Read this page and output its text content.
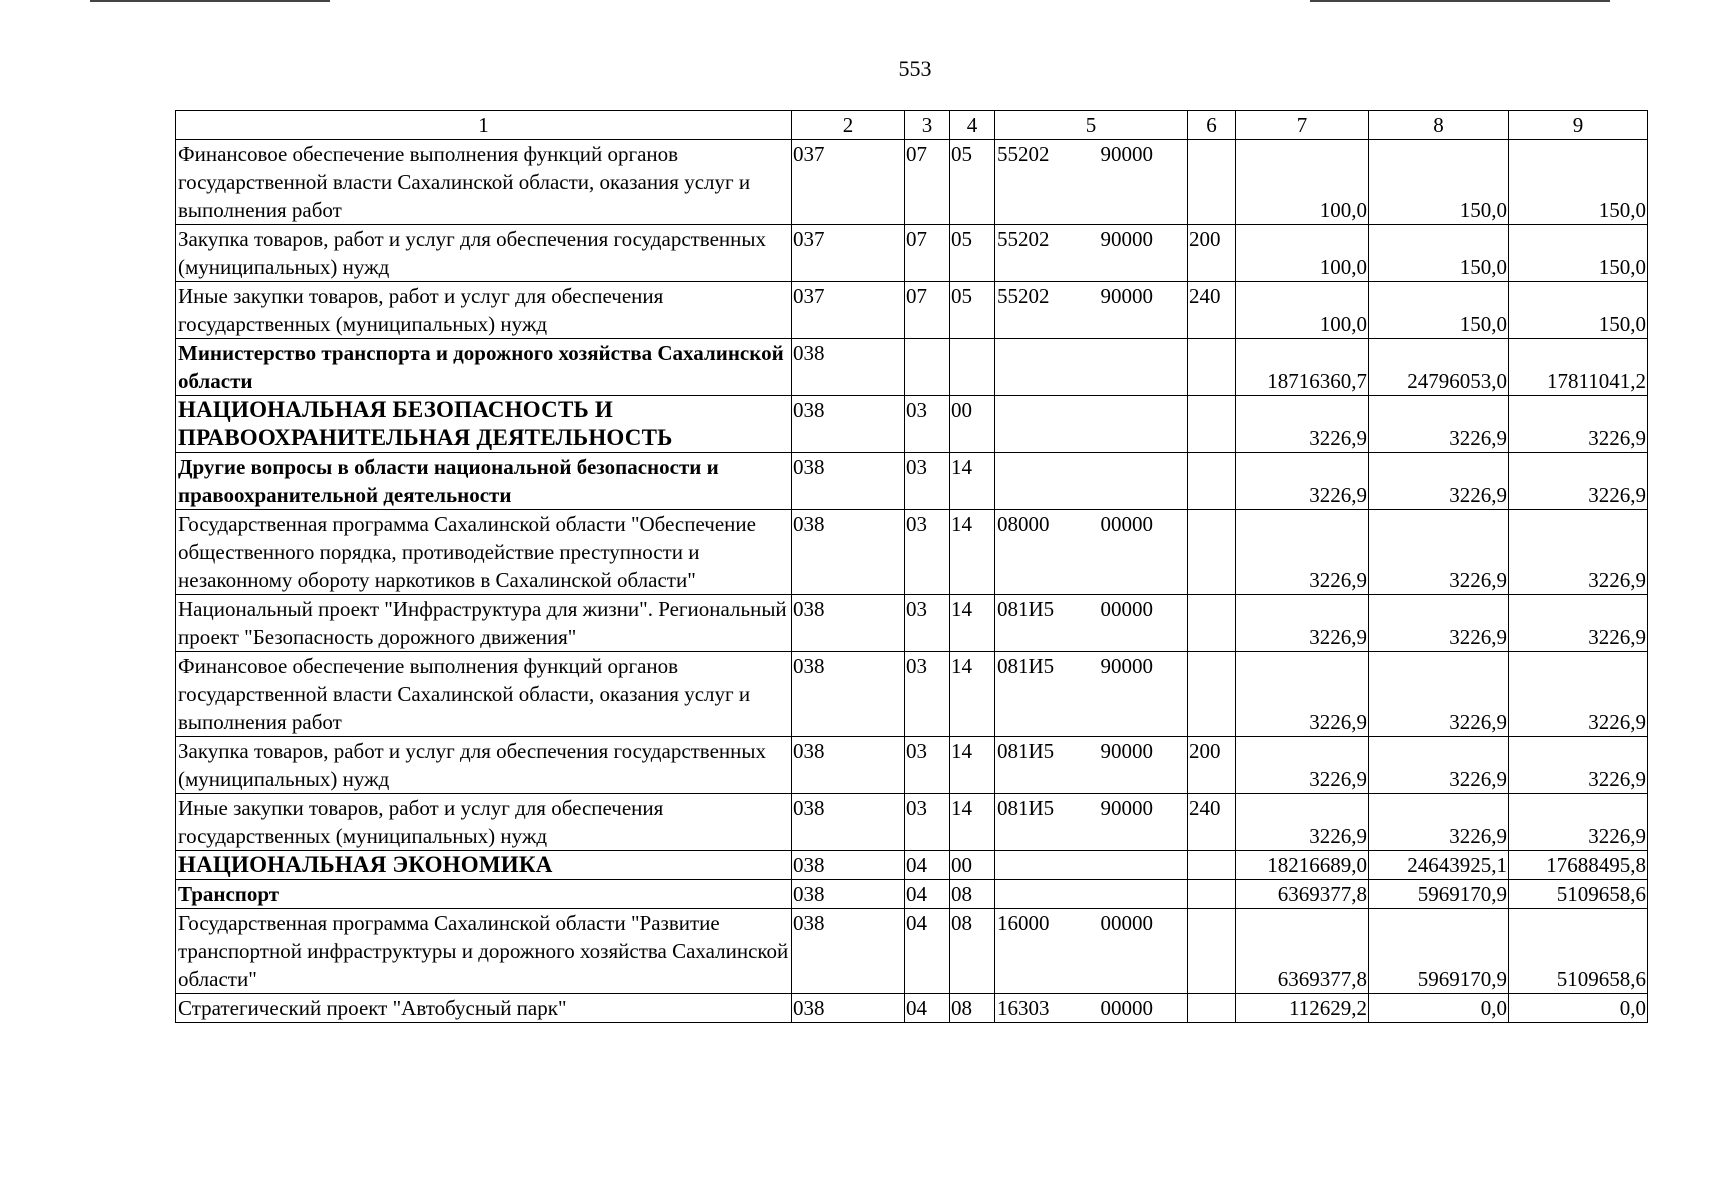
553
1	2	3	4	5	6	7	8	9
Финансовое обеспечение выполнения функций органов государственной власти Сахалинской области, оказания услуг и выполнения работ	037	07	05	55202 90000		100,0	150,0	150,0
Закупка товаров, работ и услуг для обеспечения государственных (муниципальных) нужд	037	07	05	55202 90000	200	100,0	150,0	150,0
Иные закупки товаров, работ и услуг для обеспечения государственных (муниципальных) нужд	037	07	05	55202 90000	240	100,0	150,0	150,0
Министерство транспорта и дорожного хозяйства Сахалинской области	038					18716360,7	24796053,0	17811041,2
НАЦИОНАЛЬНАЯ БЕЗОПАСНОСТЬ И ПРАВООХРАНИТЕЛЬНАЯ ДЕЯТЕЛЬНОСТЬ	038	03	00			3226,9	3226,9	3226,9
Другие вопросы в области национальной безопасности и правоохранительной деятельности	038	03	14			3226,9	3226,9	3226,9
Государственная программа Сахалинской области "Обеспечение общественного порядка, противодействие преступности и незаконному обороту наркотиков в Сахалинской области"	038	03	14	08000 00000		3226,9	3226,9	3226,9
Национальный проект "Инфраструктура для жизни". Региональный проект "Безопасность дорожного движения"	038	03	14	081И5 00000		3226,9	3226,9	3226,9
Финансовое обеспечение выполнения функций органов государственной власти Сахалинской области, оказания услуг и выполнения работ	038	03	14	081И5 90000		3226,9	3226,9	3226,9
Закупка товаров, работ и услуг для обеспечения государственных (муниципальных) нужд	038	03	14	081И5 90000	200	3226,9	3226,9	3226,9
Иные закупки товаров, работ и услуг для обеспечения государственных (муниципальных) нужд	038	03	14	081И5 90000	240	3226,9	3226,9	3226,9
НАЦИОНАЛЬНАЯ ЭКОНОМИКА	038	04	00			18216689,0	24643925,1	17688495,8
Транспорт	038	04	08			6369377,8	5969170,9	5109658,6
Государственная программа Сахалинской области "Развитие транспортной инфраструктуры и дорожного хозяйства Сахалинской области"	038	04	08	16000 00000		6369377,8	5969170,9	5109658,6
Стратегический проект "Автобусный парк"	038	04	08	16303 00000		112629,2	0,0	0,0
